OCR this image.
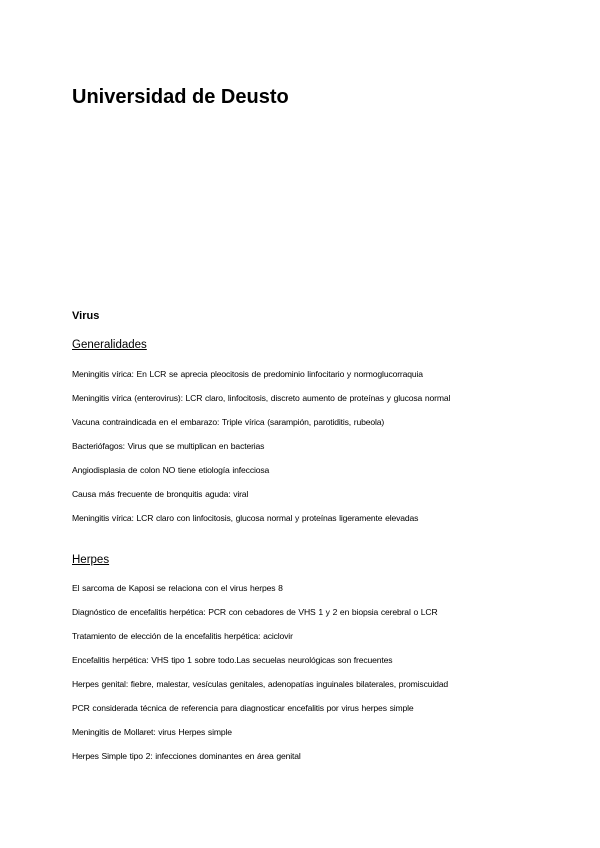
Universidad de Deusto
Virus
Generalidades

Meningitis vírica: En LCR se aprecia pleocitosis de predominio linfocitario y normoglucorraquia

Meningitis vírica (enterovirus): LCR claro, linfocitosis, discreto aumento de proteínas y glucosa normal

Vacuna contraindicada en el embarazo: Triple vírica (sarampión, parotiditis, rubeola)

Bacteriófagos: Virus que se multiplican en bacterias

Angiodisplasia de colon NO tiene etiología infecciosa

Causa más frecuente de bronquitis aguda: viral

Meningitis vírica: LCR claro con linfocitosis, glucosa normal y proteínas ligeramente elevadas

Herpes

El sarcoma de Kaposi se relaciona con el virus herpes 8

Diagnóstico de encefalitis herpética: PCR con cebadores de VHS 1 y 2 en biopsia cerebral o LCR

Tratamiento de elección de la encefalitis herpética: aciclovir

Encefalitis herpética: VHS tipo 1 sobre todo.Las secuelas neurológicas son frecuentes

Herpes genital: fiebre, malestar, vesículas genitales, adenopatías inguinales bilaterales, promiscuidad

PCR considerada técnica de referencia para diagnosticar encefalitis por virus herpes simple

Meningitis de Mollaret: virus Herpes simple

Herpes Simple tipo 2: infecciones dominantes en área genital
